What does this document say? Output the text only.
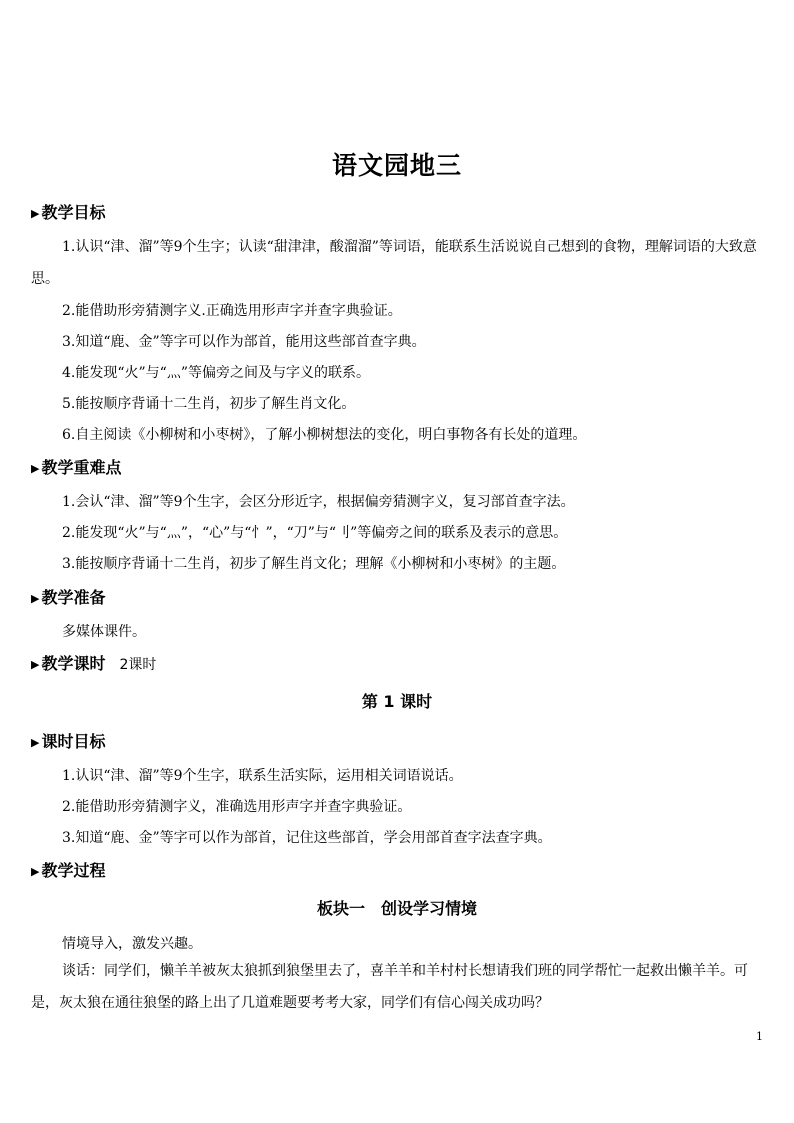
语文园地三
▶ 教学目标
1.认识“津、溜”等9个生字；认读“甜津津，酸溜溜”等词语，能联系生活说说自己想到的食物，理解词语的大致意思。
2.能借助形旁猜测字义.正确选用形声字并查字典验证。
3.知道“鹿、金”等字可以作为部首，能用这些部首查字典。
4.能发现“火”与“灬”等偏旁之间及与字义的联系。
5.能按顺序背诵十二生肖，初步了解生肖文化。
6.自主阅读《小柳树和小枣树》，了解小柳树想法的变化，明白事物各有长处的道理。
▶ 教学重难点
1.会认“津、溜”等9个生字，会区分形近字，根据偏旁猜测字义，复习部首查字法。
2.能发现“火”与“灬”，“心”与“忄”，“刀”与“刂”等偏旁之间的联系及表示的意思。
3.能按顺序背诵十二生肖，初步了解生肖文化；理解《小柳树和小枣树》的主题。
▶ 教学准备
多媒体课件。
▶ 教学课时 2课时
第 1 课时
▶ 课时目标
1.认识“津、溜”等9个生字，联系生活实际，运用相关词语说话。
2.能借助形旁猜测字义，准确选用形声字并查字典验证。
3.知道“鹿、金”等字可以作为部首，记住这些部首，学会用部首查字法查字典。
▶ 教学过程
板块一　创设学习情境
情境导入，激发兴趣。
谈话：同学们，懒羊羊被灰太狼抓到狼堡里去了，喜羊羊和羊村村长想请我们班的同学帮忙一起救出懒羊羊。可是，灰太狼在通往狼堡的路上出了几道难题要考考大家，同学们有信心闯关成功吗？
1
